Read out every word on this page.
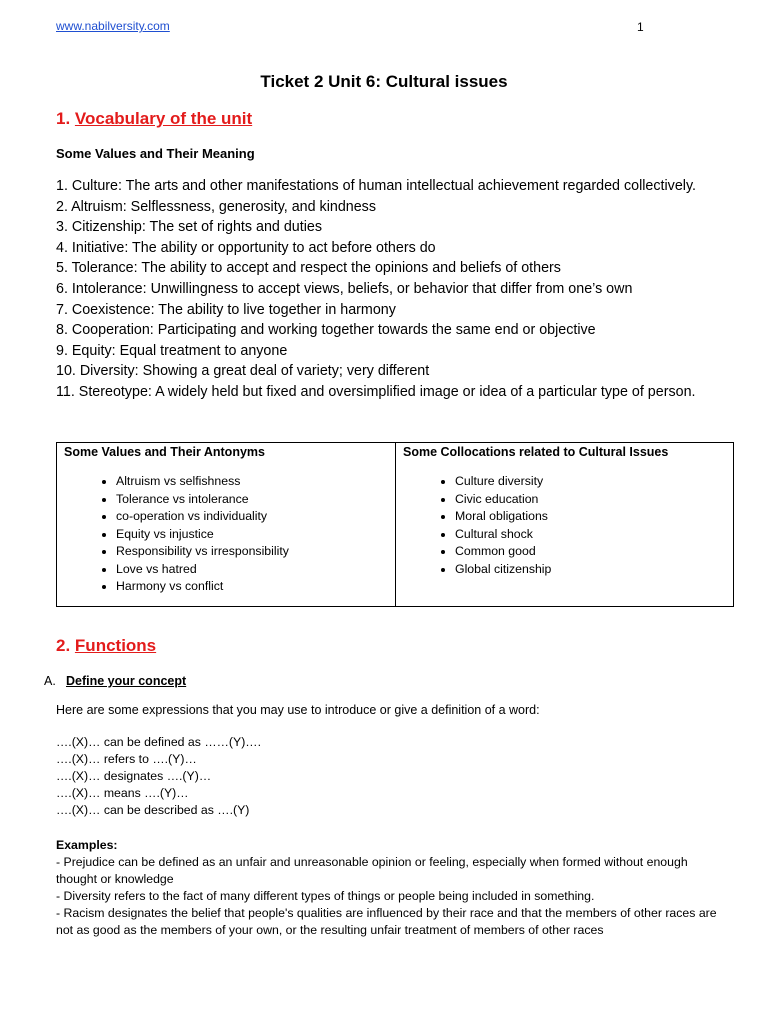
www.nabilversity.com	1
Ticket 2 Unit 6: Cultural issues
1. Vocabulary of the unit
Some Values and Their Meaning
1. Culture: The arts and other manifestations of human intellectual achievement regarded collectively.
2. Altruism: Selflessness, generosity, and kindness
3. Citizenship: The set of rights and duties
4. Initiative: The ability or opportunity to act before others do
5. Tolerance: The ability to accept and respect the opinions and beliefs of others
6. Intolerance: Unwillingness to accept views, beliefs, or behavior that differ from one’s own
7. Coexistence: The ability to live together in harmony
8. Cooperation: Participating and working together towards the same end or objective
9. Equity: Equal treatment to anyone
10. Diversity: Showing a great deal of variety; very different
11. Stereotype: A widely held but fixed and oversimplified image or idea of a particular type of person.
Some Values and Their Antonyms
• Altruism vs selfishness
• Tolerance vs intolerance
• co-operation vs individuality
• Equity vs injustice
• Responsibility vs irresponsibility
• Love vs hatred
• Harmony vs conflict
Some Collocations related to Cultural Issues
• Culture diversity
• Civic education
• Moral obligations
• Cultural shock
• Common good
• Global citizenship
2. Functions
A. Define your concept
Here are some expressions that you may use to introduce or give a definition of a word:
….(X)… can be defined as ……(Y)….
….(X)… refers to ….(Y)…
….(X)… designates ….(Y)…
….(X)… means ….(Y)…
….(X)… can be described as ….(Y)
Examples:
- Prejudice can be defined as an unfair and unreasonable opinion or feeling, especially when formed without enough thought or knowledge
- Diversity refers to the fact of many different types of things or people being included in something.
- Racism designates the belief that people's qualities are influenced by their race and that the members of other races are not as good as the members of your own, or the resulting unfair treatment of members of other races
